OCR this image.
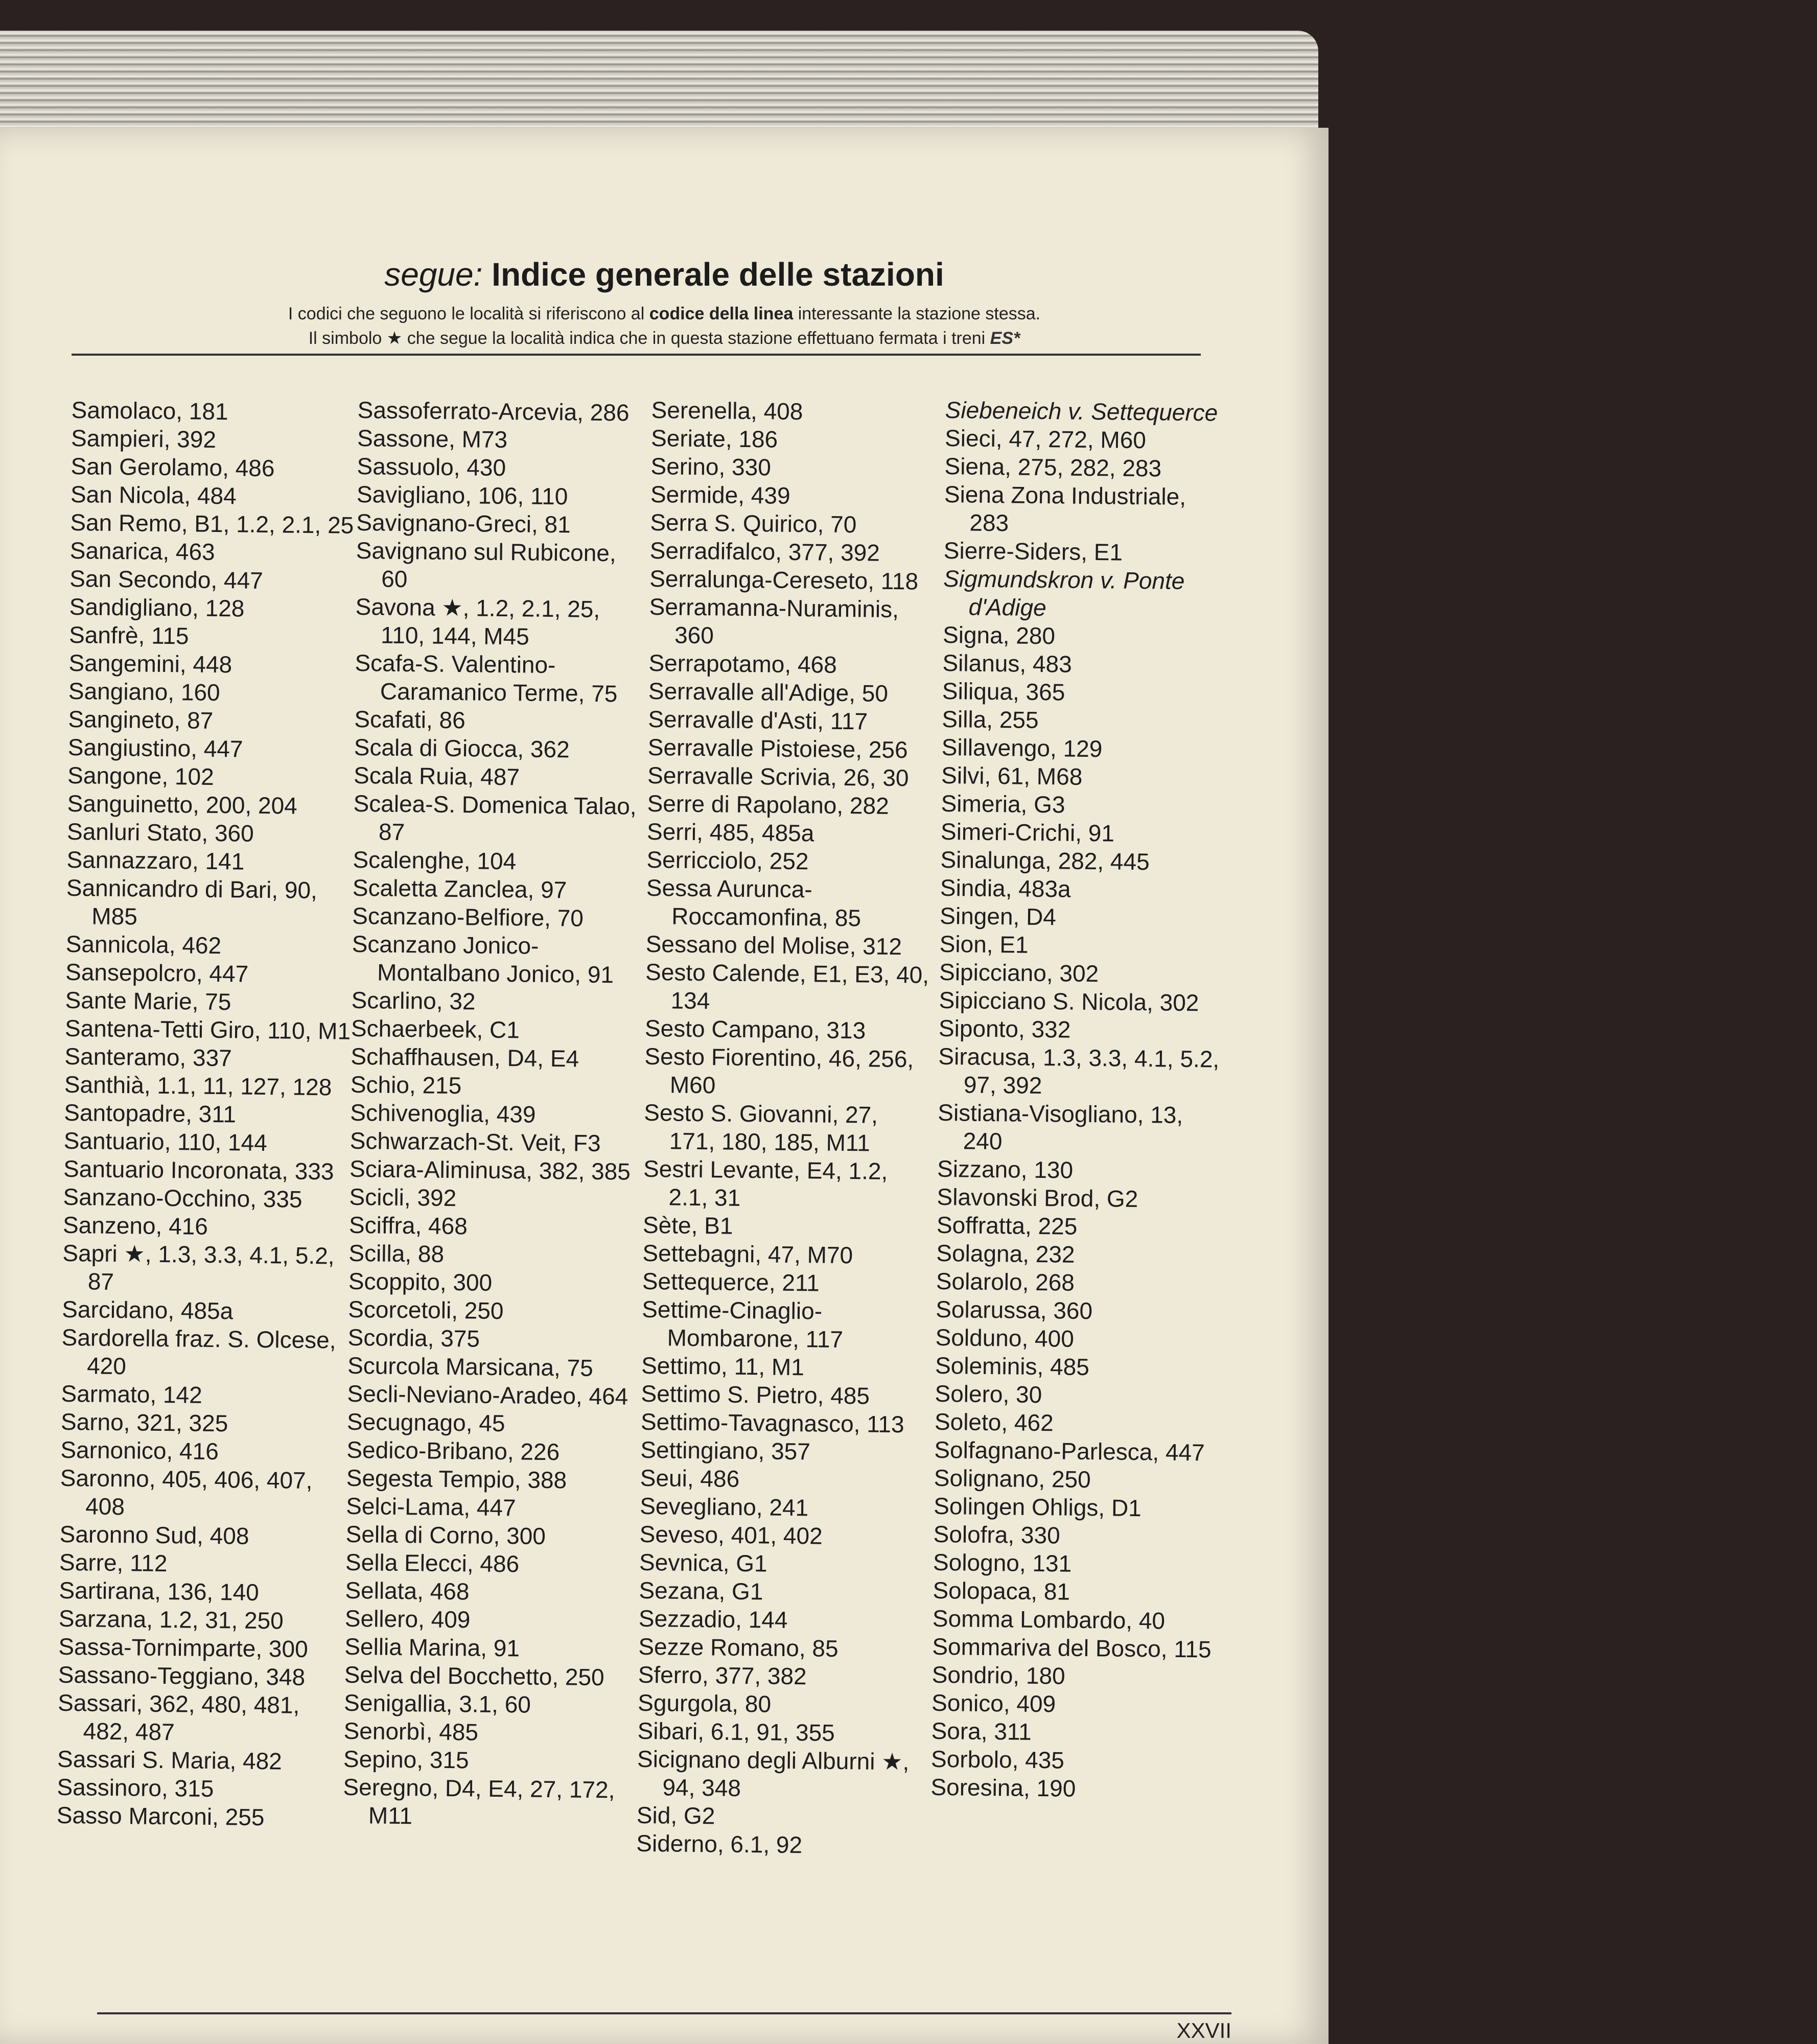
segue: Indice generale delle stazioni
I codici che seguono le località si riferiscono al codice della linea interessante la stazione stessa.
Il simbolo ★ che segue la località indica che in questa stazione effettuano fermata i treni ES*
Samolaco, 181
Sampieri, 392
San Gerolamo, 486
San Nicola, 484
San Remo, B1, 1.2, 2.1, 25
Sanarica, 463
San Secondo, 447
Sandigliano, 128
Sanfrè, 115
Sangemini, 448
Sangiano, 160
Sangineto, 87
Sangiustino, 447
Sangone, 102
Sanguinetto, 200, 204
Sanluri Stato, 360
Sannazzaro, 141
Sannicandro di Bari, 90, M85
Sannicola, 462
Sansepolcro, 447
Sante Marie, 75
Santena-Tetti Giro, 110, M1
Santeramo, 337
Santhià, 1.1, 11, 127, 128
Santopadre, 311
Santuario, 110, 144
Santuario Incoronata, 333
Sanzano-Occhino, 335
Sanzeno, 416
Sapri ★, 1.3, 3.3, 4.1, 5.2, 87
Sarcidano, 485a
Sardorella fraz. S. Olcese, 420
Sarmato, 142
Sarno, 321, 325
Sarnonico, 416
Saronno, 405, 406, 407, 408
Saronno Sud, 408
Sarre, 112
Sartirana, 136, 140
Sarzana, 1.2, 31, 250
Sassa-Tornimparte, 300
Sassano-Teggiano, 348
Sassari, 362, 480, 481, 482, 487
Sassari S. Maria, 482
Sassinoro, 315
Sasso Marconi, 255
Sassoferrato-Arcevia, 286
Sassone, M73
Sassuolo, 430
Savigliano, 106, 110
Savignano-Greci, 81
Savignano sul Rubicone, 60
Savona ★, 1.2, 2.1, 25, 110, 144, M45
Scafa-S. Valentino-Caramanico Terme, 75
Scafati, 86
Scala di Giocca, 362
Scala Ruia, 487
Scalea-S. Domenica Talao, 87
Scalenghe, 104
Scaletta Zanclea, 97
Scanzano-Belfiore, 70
Scanzano Jonico-Montalbano Jonico, 91
Scarlino, 32
Schaerbeek, C1
Schaffhausen, D4, E4
Schio, 215
Schivenoglia, 439
Schwarzach-St. Veit, F3
Sciara-Aliminusa, 382, 385
Scicli, 392
Sciffra, 468
Scilla, 88
Scoppito, 300
Scorcetoli, 250
Scordia, 375
Scurcola Marsicana, 75
Secli-Neviano-Aradeo, 464
Secugnago, 45
Sedico-Bribano, 226
Segesta Tempio, 388
Selci-Lama, 447
Sella di Corno, 300
Sella Elecci, 486
Sellata, 468
Sellero, 409
Sellia Marina, 91
Selva del Bocchetto, 250
Senigallia, 3.1, 60
Senorbì, 485
Sepino, 315
Seregno, D4, E4, 27, 172, M11
Serenella, 408
Seriate, 186
Serino, 330
Sermide, 439
Serra S. Quirico, 70
Serradifalco, 377, 392
Serralunga-Cereseto, 118
Serramanna-Nuraminis, 360
Serrapotamo, 468
Serravalle all'Adige, 50
Serravalle d'Asti, 117
Serravalle Pistoiese, 256
Serravalle Scrivia, 26, 30
Serre di Rapolano, 282
Serri, 485, 485a
Serricciolo, 252
Sessa Aurunca-Roccamonfina, 85
Sessano del Molise, 312
Sesto Calende, E1, E3, 40, 134
Sesto Campano, 313
Sesto Fiorentino, 46, 256, M60
Sesto S. Giovanni, 27, 171, 180, 185, M11
Sestri Levante, E4, 1.2, 2.1, 31
Sète, B1
Settebagni, 47, M70
Settequerce, 211
Settime-Cinaglio-Mombarone, 117
Settimo, 11, M1
Settimo S. Pietro, 485
Settimo-Tavagnasco, 113
Settingiano, 357
Seui, 486
Sevegliano, 241
Seveso, 401, 402
Sevnica, G1
Sezana, G1
Sezzadio, 144
Sezze Romano, 85
Sferro, 377, 382
Sgurgola, 80
Sibari, 6.1, 91, 355
Sicignano degli Alburni ★, 94, 348
Sid, G2
Siderno, 6.1, 92
Siebeneich v. Settequerce
Sieci, 47, 272, M60
Siena, 275, 282, 283
Siena Zona Industriale, 283
Sierre-Siders, E1
Sigmundskron v. Ponte d'Adige
Signa, 280
Silanus, 483
Siliqua, 365
Silla, 255
Sillavengo, 129
Silvi, 61, M68
Simeria, G3
Simeri-Crichi, 91
Sinalunga, 282, 445
Sindia, 483a
Singen, D4
Sion, E1
Sipicciano, 302
Sipicciano S. Nicola, 302
Siponto, 332
Siracusa, 1.3, 3.3, 4.1, 5.2, 97, 392
Sistiana-Visogliano, 13, 240
Sizzano, 130
Slavonski Brod, G2
Soffratta, 225
Solagna, 232
Solarolo, 268
Solarussa, 360
Solduno, 400
Soleminis, 485
Solero, 30
Soleto, 462
Solfagnano-Parlesca, 447
Solignano, 250
Solingen Ohligs, D1
Solofra, 330
Sologno, 131
Solopaca, 81
Somma Lombardo, 40
Sommariva del Bosco, 115
Sondrio, 180
Sonico, 409
Sora, 311
Sorbolo, 435
Soresina, 190
XXVII
